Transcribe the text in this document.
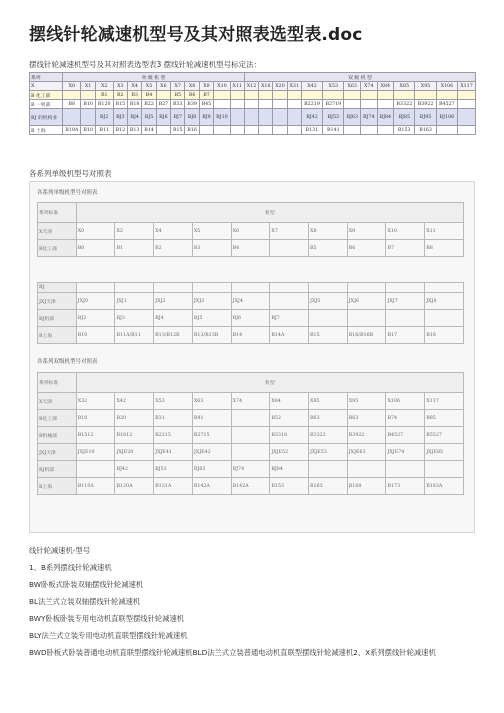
摆线针轮减速机型号及其对照表选型表.doc
摆线针轮减速机型号及其对照表选型表3 摆线针轮减速机型号标定法：
系列	单 级 机 型												双 级 机 型												
X	X0	X1	X2	X3	X4	X5	X6	X7	X8	X9	X10	X11	X12	X16	X20	X31	X42	X53	X63	X74	X84	X85	X95	X106	X117
B 化工部			B1	B2	B3	B4		B5	B6	B7															
B 一机部	B8	B10	B120	B15	B18	B22	B27	B33	B39	B45							B2219	B2719				B3322	B3922	B4527	
BJ 的机构业			BJ2	BJ3	BJ4	BJ5	BJ6	BJ7	BJ8	BJ9	BJ10						BJ42	BJ53	BJ63	BJ74	BJ84	BJ85	BJ95	BJ106	
B 上海	B10A	B10	B11	B12	B13	B14		B15	B16								B131	B141				B153	B163		
各系列单级机型号对照表
各系列单级机型号对照表
系列标准	机型									
X天津	X0	X2	X4	X5	X6	X7	X8	X9	X10	X11
B化工部	B0	B1	B2	B3	B4		B5	B6	B7	B8
BJ										
JXJ天津	JXJ0	JXJ1	JXJ2	JXJ3	JXJ4		JXJ5	JXJ6	JXJ7	JXJ8
BJ机部	BJ2	BJ3	BJ4	BJ5	BJ6	BJ7				
B上海	B10	B11A/B11	B13/B12B	B13/B13B	B14	B14A	B15	B16/B16B	B17	B18
各系列双级机型号对照表
系列标准	机型									
X天津	X32	X42	X53	X63	X74	X84	X85	X95	X106	X117
B化工部	B10	B20	B31	B41		B52	B63	B63	B74	B85
B机械部	B1512	B1812	B2215	B2715		B3318	B3322	B3922	B4527	B5527
JXJ天津	JXJE10	JXJE20	JXJE41	JXJE42		JXJE52	JXJE53	JXJE63	JXJE74	JXJE85
BJ机部		BJ42	BJ53	BJ63	BJ74	BJ84				
B上海	B110A	B120A	B131A	B142A	B142A	B153	B163	B168	B173	B183A
线针轮减速机-型号
1、B系列摆线针轮减速机
BW卧板式卧装双轴摆线针轮减速机
BL法兰式立装双轴摆线针轮减速机
BWY卧板卧装专用电动机直联型摆线针轮减速机
BLY法兰式立装专用电动机直联型摆线针轮减速机
BWD卧板式卧装普通电动机直联型摆线针轮减速机BLD法兰式立装普通电动机直联型摆线针轮减速机2、X系列摆线针轮减速机
